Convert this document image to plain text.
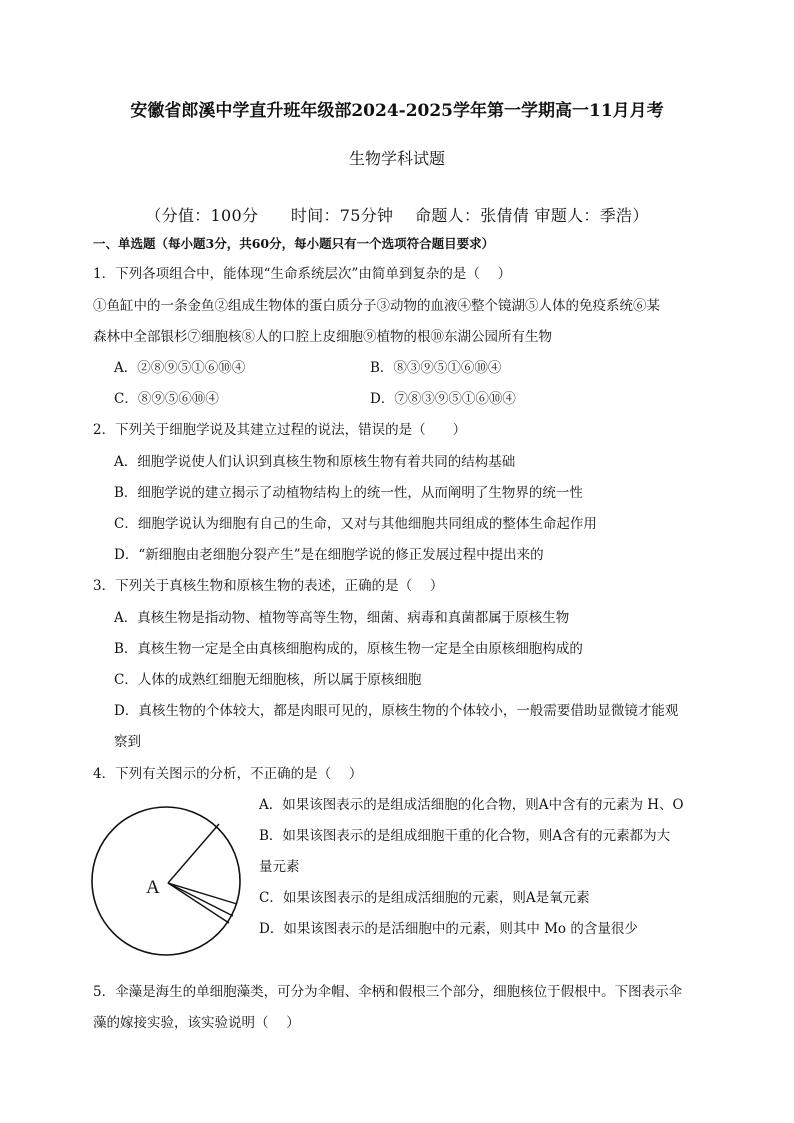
安徽省郎溪中学直升班年级部2024-2025学年第一学期高一11月月考
生物学科试题
（分值：100分　　时间：75分钟　 命题人：张倩倩 审题人：季浩）
一、单选题（每小题3分，共60分，每小题只有一个选项符合题目要求）
1．下列各项组合中，能体现“生命系统层次”由简单到复杂的是（　 ）
①鱼缸中的一条金鱼②组成生物体的蛋白质分子③动物的血液④整个镜湖⑤人体的免疫系统⑥某
森林中全部银杉⑦细胞核⑧人的口腔上皮细胞⑨植物的根⑩东湖公园所有生物
A．②⑧⑨⑤①⑥⑩④	B．⑧③⑨⑤①⑥⑩④
C．⑧⑨⑤⑥⑩④	D．⑦⑧③⑨⑤①⑥⑩④
2．下列关于细胞学说及其建立过程的说法，错误的是（　　）
A．细胞学说使人们认识到真核生物和原核生物有着共同的结构基础
B．细胞学说的建立揭示了动植物结构上的统一性，从而阐明了生物界的统一性
C．细胞学说认为细胞有自己的生命，又对与其他细胞共同组成的整体生命起作用
D．“新细胞由老细胞分裂产生”是在细胞学说的修正发展过程中提出来的
3．下列关于真核生物和原核生物的表述，正确的是（　 ）
A．真核生物是指动物、植物等高等生物，细菌、病毒和真菌都属于原核生物
B．真核生物一定是全由真核细胞构成的，原核生物一定是全由原核细胞构成的
C．人体的成熟红细胞无细胞核，所以属于原核细胞
D．真核生物的个体较大，都是肉眼可见的，原核生物的个体较小，一般需要借助显微镜才能观
察到
4．下列有关图示的分析，不正确的是（　 ）
A
A．如果该图表示的是组成活细胞的化合物，则A中含有的元素为 H、O
B．如果该图表示的是组成细胞干重的化合物，则A含有的元素都为大
量元素
C．如果该图表示的是组成活细胞的元素，则A是氧元素
D．如果该图表示的是活细胞中的元素，则其中 Mo 的含量很少
5．伞藻是海生的单细胞藻类，可分为伞帽、伞柄和假根三个部分，细胞核位于假根中。下图表示伞
藻的嫁接实验，该实验说明（　 ）
